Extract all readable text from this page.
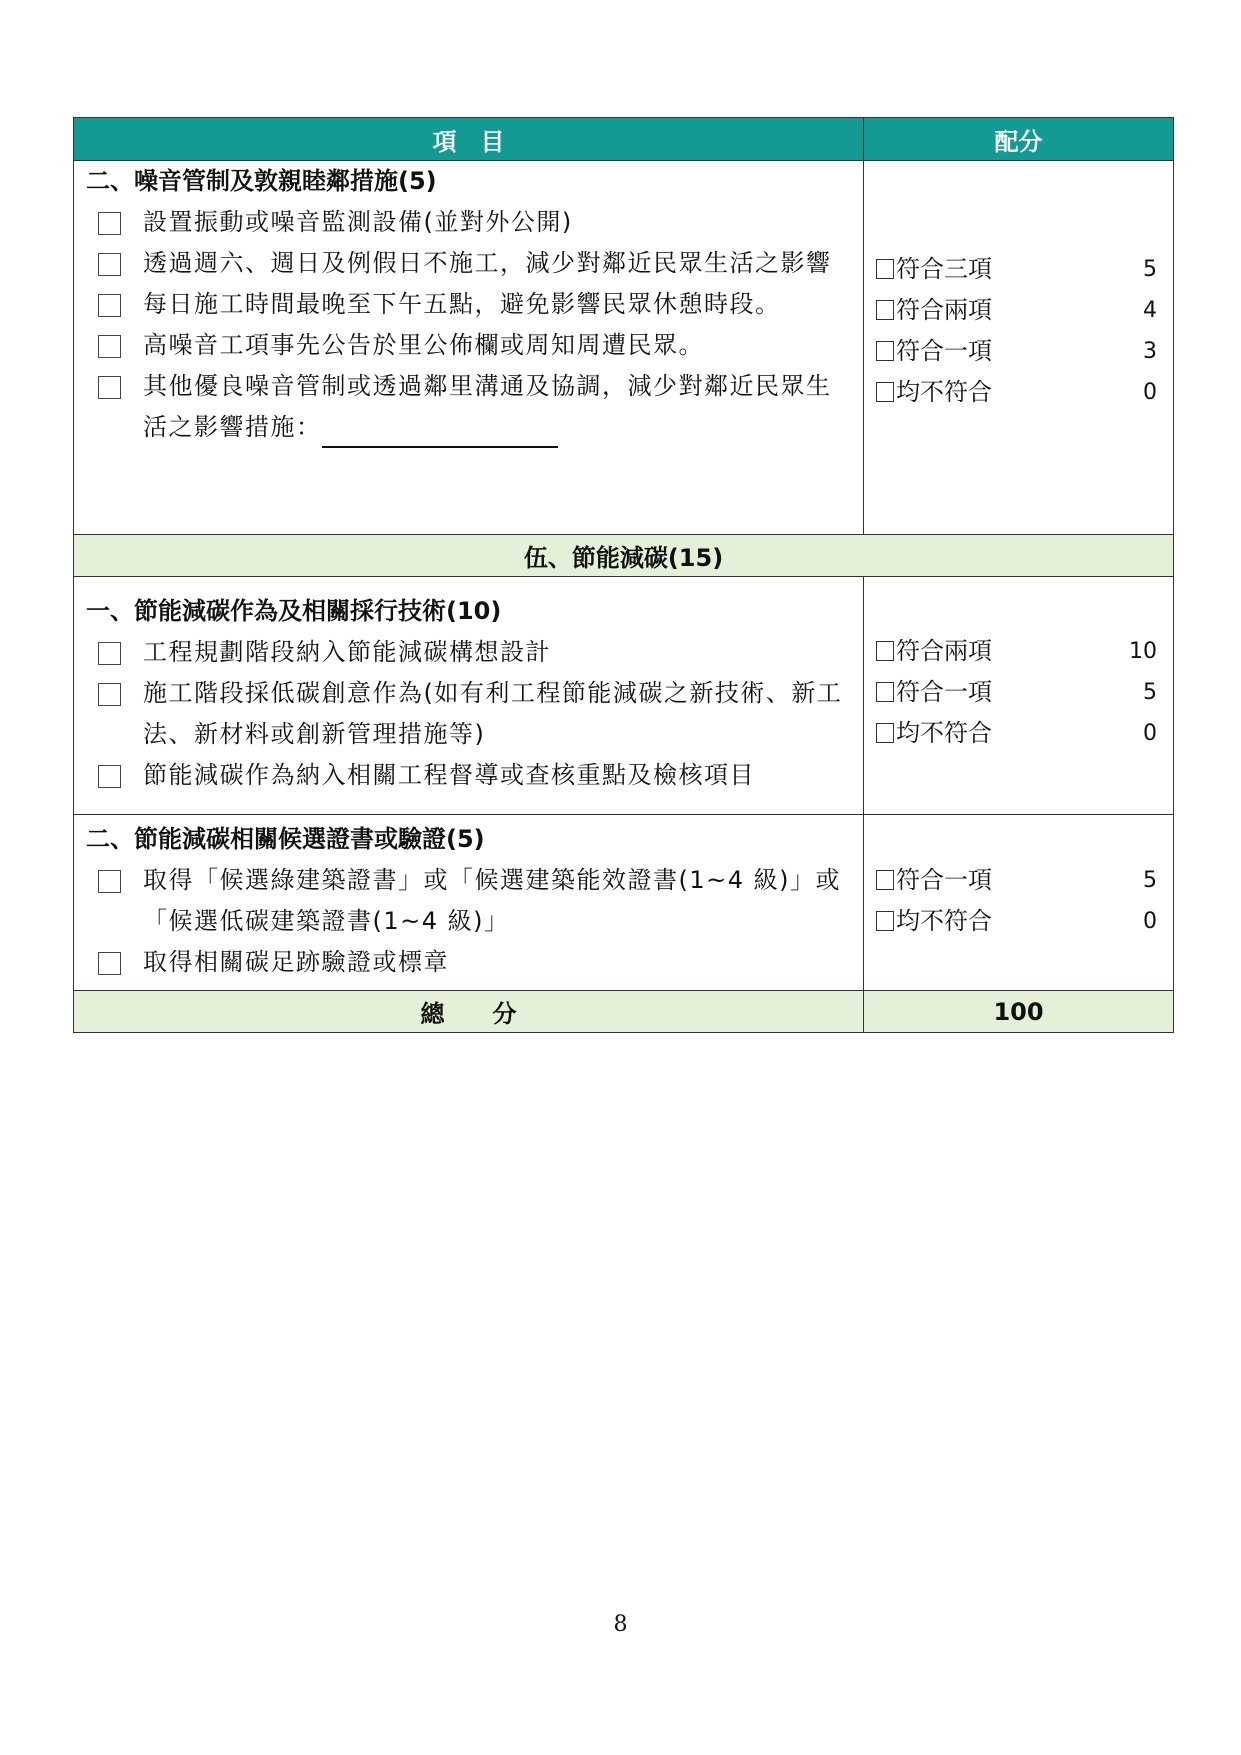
項　目	配分
二、噪音管制及敦親睦鄰措施(5)
設置振動或噪音監測設備(並對外公開)
透過週六、週日及例假日不施工，減少對鄰近民眾生活之影響
每日施工時間最晚至下午五點，避免影響民眾休憩時段。
高噪音工項事先公告於里公佈欄或周知周遭民眾。
其他優良噪音管制或透過鄰里溝通及協調，減少對鄰近民眾生活之影響措施：
符合三項	5
符合兩項	4
符合一項	3
均不符合	0
伍、節能減碳(15)
一、節能減碳作為及相關採行技術(10)
工程規劃階段納入節能減碳構想設計
施工階段採低碳創意作為(如有利工程節能減碳之新技術、新工法、新材料或創新管理措施等)
節能減碳作為納入相關工程督導或查核重點及檢核項目
符合兩項	10
符合一項	5
均不符合	0
二、節能減碳相關候選證書或驗證(5)
取得「候選綠建築證書」或「候選建築能效證書(1~4 級)」或「候選低碳建築證書(1~4 級)」
取得相關碳足跡驗證或標章
符合一項	5
均不符合	0
總　　分	100
8
